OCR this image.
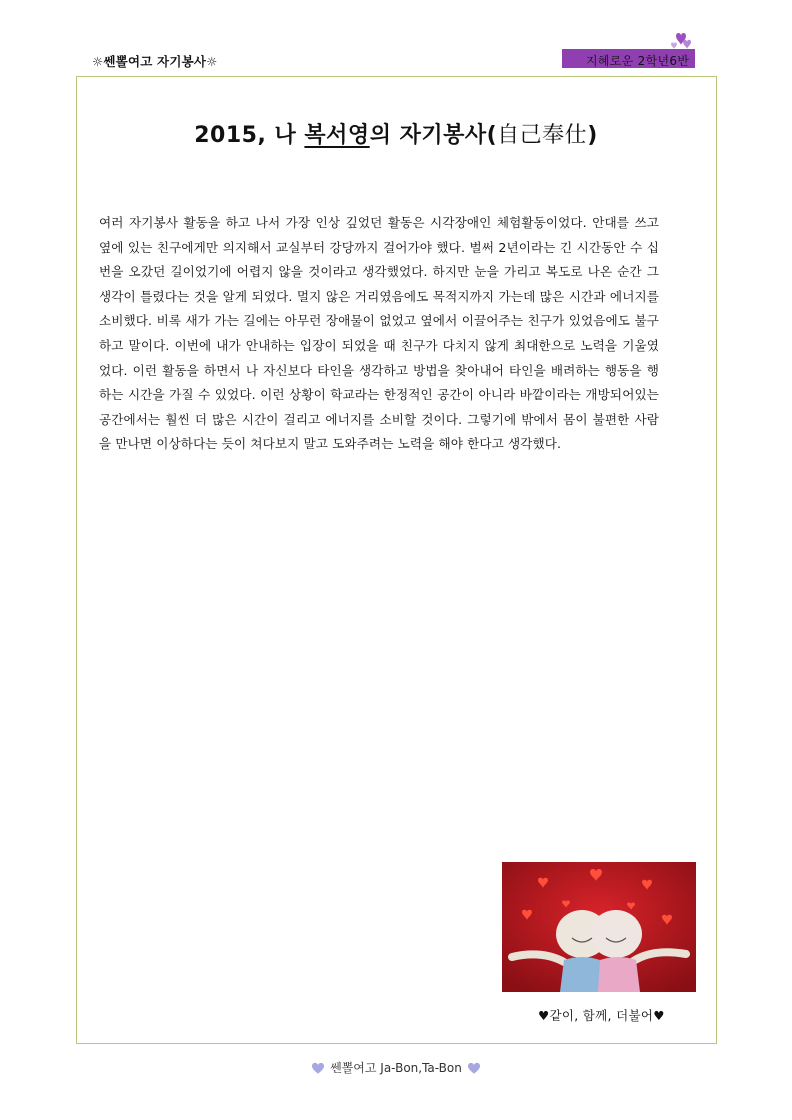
☼쎈뽈여고 자기봉사☼	지혜로운 2학년6반
2015, 나 복서영의 자기봉사(自己奉仕)
여러 자기봉사 활동을 하고 나서 가장 인상 깊었던 활동은 시각장애인 체험활동이었다. 안대를 쓰고 옆에 있는 친구에게만 의지해서 교실부터 강당까지 걸어가야 했다. 벌써 2년이라는 긴 시간동안 수 십 번을 오갔던 길이었기에 어렵지 않을 것이라고 생각했었다. 하지만 눈을 가리고 복도로 나온 순간 그 생각이 틀렸다는 것을 알게 되었다. 멀지 않은 거리였음에도 목적지까지 가는데 많은 시간과 에너지를 소비했다. 비록 새가 가는 길에는 아무런 장애물이 없었고 옆에서 이끌어주는 친구가 있었음에도 불구하고 말이다. 이번에 내가 안내하는 입장이 되었을 때 친구가 다치지 않게 최대한으로 노력을 기울였었다. 이런 활동을 하면서 나 자신보다 타인을 생각하고 방법을 찾아내어 타인을 배려하는 행동을 행하는 시간을 가질 수 있었다. 이런 상황이 학교라는 한정적인 공간이 아니라 바깥이라는 개방되어있는 공간에서는 훨씬 더 많은 시간이 걸리고 에너지를 소비할 것이다. 그렇기에 밖에서 몸이 불편한 사람을 만나면 이상하다는 듯이 쳐다보지 말고 도와주려는 노력을 해야 한다고 생각했다.
♥같이, 함께, 더불어♥
쎈뽈여고 Ja-Bon,Ta-Bon
